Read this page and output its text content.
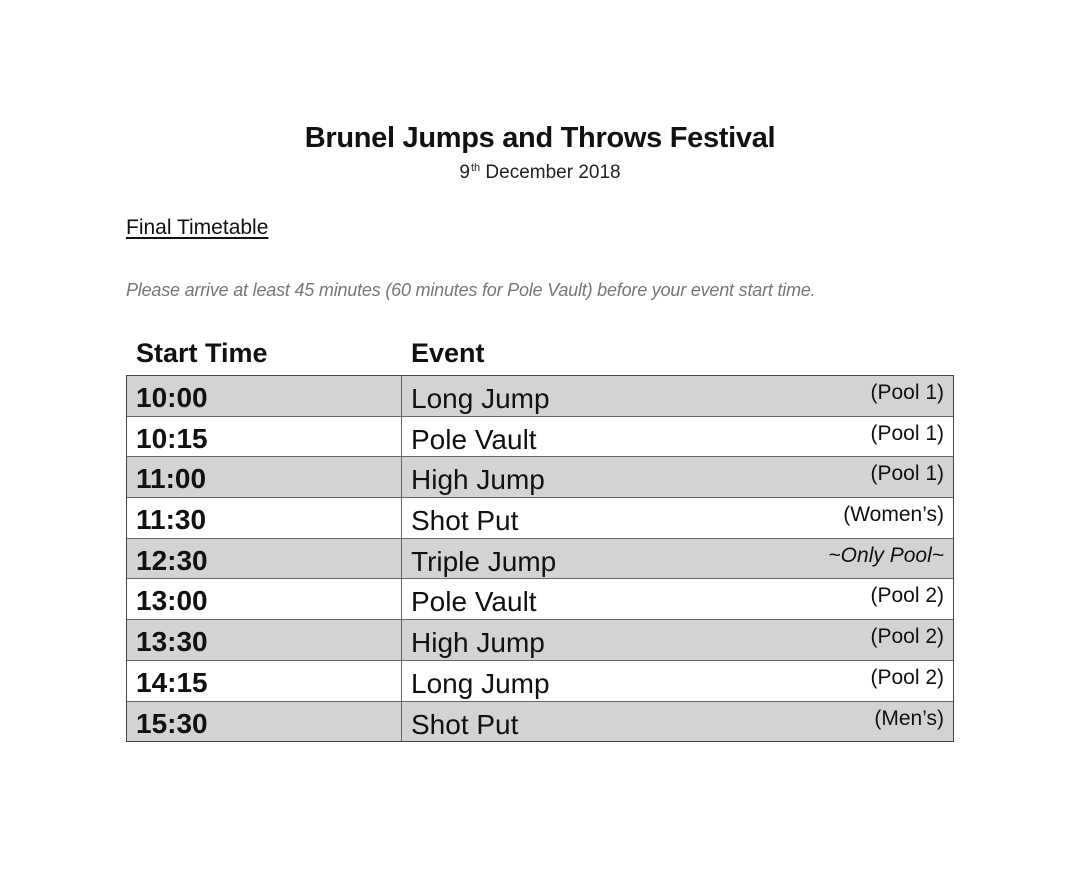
Brunel Jumps and Throws Festival
9th December 2018
Final Timetable
Please arrive at least 45 minutes (60 minutes for Pole Vault) before your event start time.
Start Time	Event
10:00	Long Jump	(Pool 1)
10:15	Pole Vault	(Pool 1)
11:00	High Jump	(Pool 1)
11:30	Shot Put	(Women’s)
12:30	Triple Jump	~Only Pool~
13:00	Pole Vault	(Pool 2)
13:30	High Jump	(Pool 2)
14:15	Long Jump	(Pool 2)
15:30	Shot Put	(Men’s)
